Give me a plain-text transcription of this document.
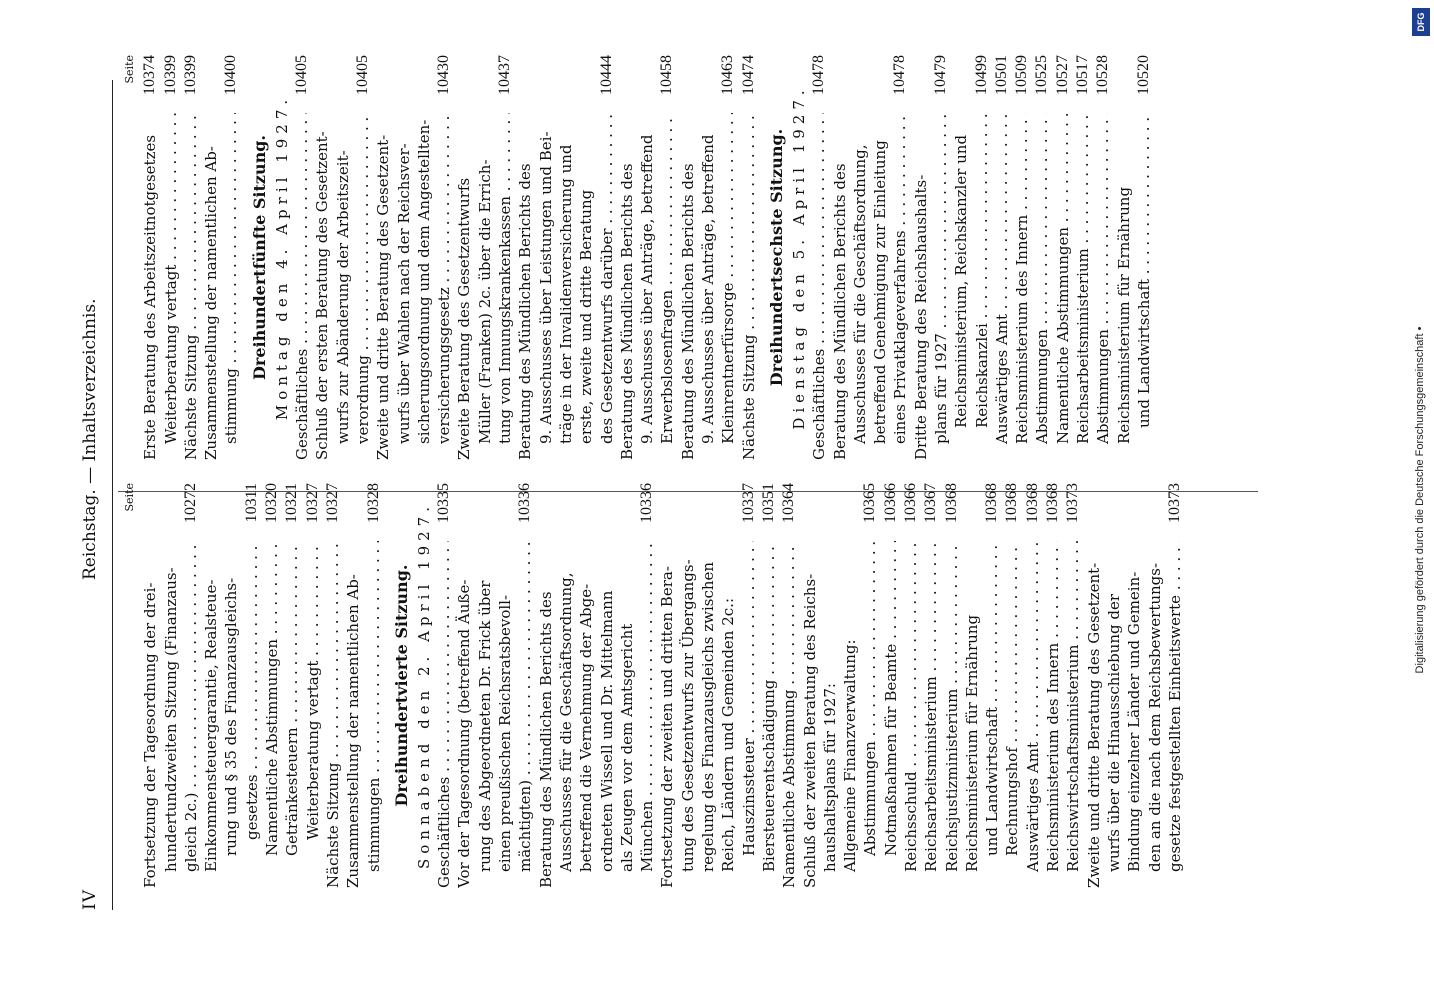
IV
Reichstag. — Inhaltsverzeichnis. Seite
Fortsetzung der Tagesordnung der drei- hundertundzweiten Sitzung (Finanzaus- gleich 2c.) . . .
10272
Einkommensteuergarantie, Realsteue- rung und § 35 des Finanzausgleichs- gesetzes . . .
10311
Namentliche Abstimmungen . . .
10320
Getränkesteuern . . .
10321
Weiterberatung vertagt . . .
10327
Nächste Sitzung . . .
10327
Zusammenstellung der namentlichen Ab- stimmungen . . .
10328
Dreihundertvierte Sitzung. Sonnabend den 2. April 1927. Geschäftliches . . .
10335
Vor der Tagesordnung (betreffend Äuße- rung des Abgeordneten Dr. Frick über einen preußischen Reichsratsbevoll- mächtigten) . . .
10336
Beratung des Mündlichen Berichts des Ausschusses für die Geschäftsordnung, betreffend die Vernehmung der Abge- ordneten Wissell und Dr. Mittelmann als Zeugen vor dem Amtsgericht München . . .
10336
Fortsetzung der zweiten und dritten Bera- tung des Gesetzentwurfs zur Übergangs- regelung des Finanzausgleichs zwischen Reich, Ländern und Gemeinden 2c.: Hauszinssteuer . . .
10337
Biersteuerentschädigung . . .
10351
Namentliche Abstimmung . . .
10364
Schluß der zweiten Beratung des Reichs- haushaltsplans für 1927: Allgemeine Finanzverwaltung: Abstimmungen . . .
10365
Notmaßnahmen für Beamte . . .
10366
Reichsschuld . . .
10366
Reichsarbeitsministerium . . .
10367
Reichsjustizministerium . . .
10368
Reichsministerium für Ernährung und Landwirtschaft . . .
10368
Rechnungshof . . .
10368
Auswärtiges Amt . . .
10368
Reichsministerium des Innern . . .
10368
Reichswirtschaftsministerium . . .
10373
Zweite und dritte Beratung des Gesetzent- wurfs über die Hinausschiebung der Bindung einzelner Länder und Gemein- den an die nach dem Reichsbewertungs- gesetze festgestellten Einheitswerte . . .
10373
Seite
Erste Beratung des Arbeitszeitnotgesetzes
10374
Weiterberatung vertagt . . .
10399
Nächste Sitzung . . .
10399
Zusammenstellung der namentlichen Ab- stimmung . . .
10400
Dreihundertfünfte Sitzung. Montag den 4. April 1927. Geschäftliches . . .
10405
Schluß der ersten Beratung des Gesetzent- wurfs zur Abänderung der Arbeitszeit- verordnung . . .
10405
Zweite und dritte Beratung des Gesetzent- wurfs über Wahlen nach der Reichsver- sicherungsordnung und dem Angestellten- versicherungsgesetz . . .
10430
Zweite Beratung des Gesetzentwurfs Müller (Franken) 2c. über die Errich- tung von Innungskrankenkassen . . .
10437
Beratung des Mündlichen Berichts des 9. Ausschusses über Leistungen und Bei- träge in der Invalidenversicherung und erste, zweite und dritte Beratung des Gesetzentwurfs darüber . . .
10444
Beratung des Mündlichen Berichts des 9. Ausschusses über Anträge, betreffend Erwerbslosenfragen . . .
10458
Beratung des Mündlichen Berichts des 9. Ausschusses über Anträge, betreffend Kleinrentnerfürsorge . . .
10463
Nächste Sitzung . . .
10474
Dreihundertsechste Sitzung. Dienstag den 5. April 1927. Geschäftliches . . .
10478
Beratung des Mündlichen Berichts des Ausschusses für die Geschäftsordnung, betreffend Genehmigung zur Einleitung eines Privatklageverfahrens . . .
10478
Dritte Beratung des Reichshaushalts- plans für 1927 . . .
10479
Reichsministerium, Reichskanzler und Reichskanzlei . . .
10499
Auswärtiges Amt . . .
10501
Reichsministerium des Innern . . .
10509
Abstimmungen . . .
10525
Namentliche Abstimmungen . . .
10527
Reichsarbeitsministerium . . .
10517
Abstimmungen . . .
10528
Reichsministerium für Ernährung und Landwirtschaft . . .
10520
DFG
Digitalisierung gefördert durch die Deutsche Forschungsgemeinschaft •
